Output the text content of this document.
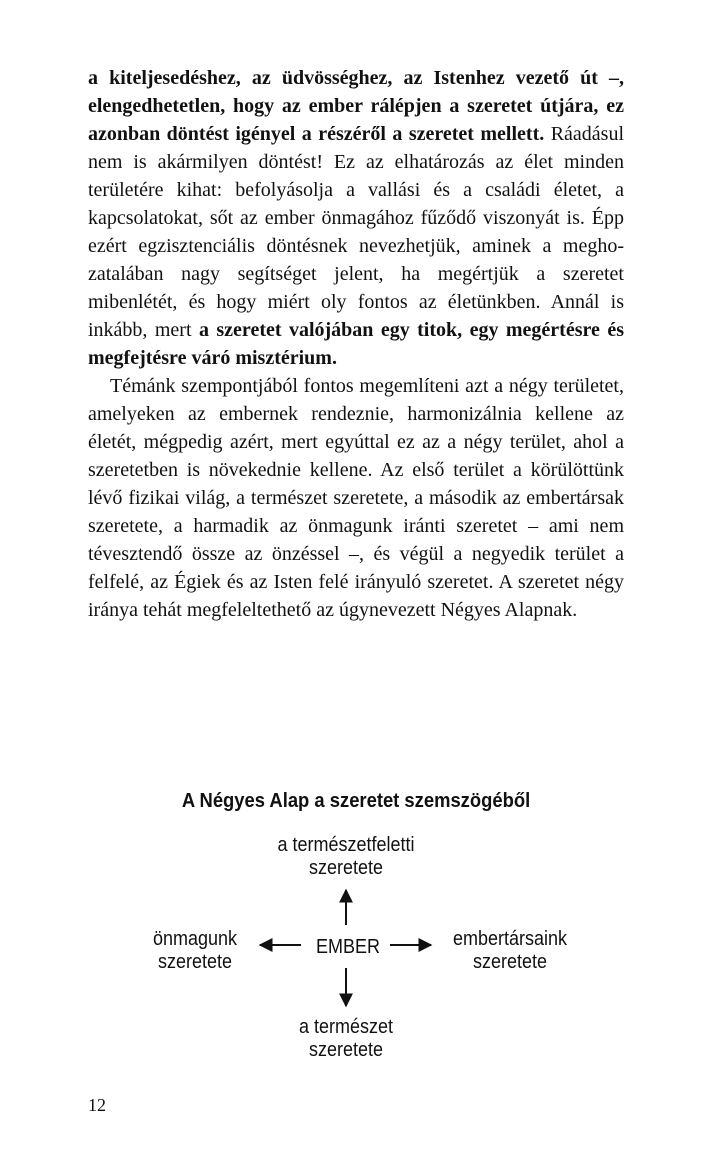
a kiteljesedéshez, az üdvösséghez, az Istenhez vezető út –, elengedhetetlen, hogy az ember rálépjen a szeretet útjára, ez azonban döntést igényel a részéről a szeretet mellett. Ráadásul nem is akármilyen döntést! Ez az elhatározás az élet minden területére kihat: befolyásolja a vallási és a családi életet, a kapcsolatokat, sőt az ember önmagához fűződő viszonyát is. Épp ezért egzisztenciális döntésnek nevezhetjük, aminek a meghozatalában nagy segítséget jelent, ha megértjük a szeretet mibenlétét, és hogy miért oly fontos az életünkben. Annál is inkább, mert a szeretet valójában egy titok, egy megértésre és megfejtésre váró misztérium.

Témánk szempontjából fontos megemlíteni azt a négy területet, amelyeken az embernek rendeznie, harmonizálnia kellene az életét, mégpedig azért, mert egyúttal ez az a négy terület, ahol a szeretetben is növekednie kellene. Az első terület a körülöttünk lévő fizikai világ, a természet szeretete, a második az embertársak szeretete, a harmadik az önmagunk iránti szeretet – ami nem tévesztendő össze az önzéssel –, és végül a negyedik terület a felfelé, az Égiek és az Isten felé irányuló szeretet. A szeretet négy iránya tehát megfeleltethető az úgynevezett Négyes Alapnak.

A Négyes Alap a szeretet szemszögéből
a természetfeletti
szeretete
önmagunk
szeretete
EMBER	embertársaink
szeretete
a természet
szeretete
12
